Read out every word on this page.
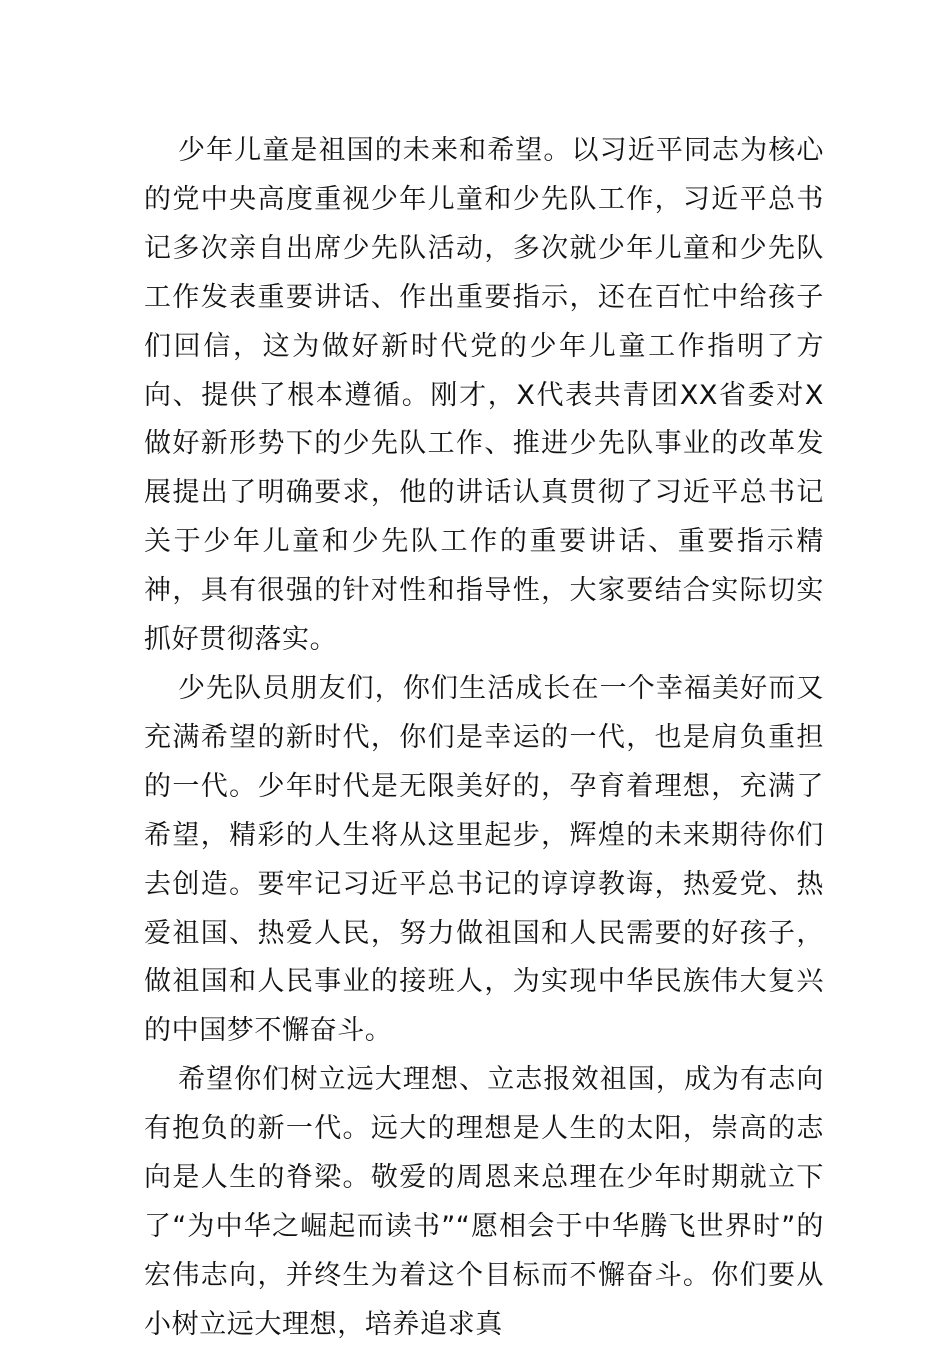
少年儿童是祖国的未来和希望。以习近平同志为核心的党中央高度重视少年儿童和少先队工作，习近平总书记多次亲自出席少先队活动，多次就少年儿童和少先队工作发表重要讲话、作出重要指示，还在百忙中给孩子们回信，这为做好新时代党的少年儿童工作指明了方向、提供了根本遵循。刚才，X代表共青团XX省委对X做好新形势下的少先队工作、推进少先队事业的改革发展提出了明确要求，他的讲话认真贯彻了习近平总书记关于少年儿童和少先队工作的重要讲话、重要指示精神，具有很强的针对性和指导性，大家要结合实际切实抓好贯彻落实。

少先队员朋友们，你们生活成长在一个幸福美好而又充满希望的新时代，你们是幸运的一代，也是肩负重担的一代。少年时代是无限美好的，孕育着理想，充满了希望，精彩的人生将从这里起步，辉煌的未来期待你们去创造。要牢记习近平总书记的谆谆教诲，热爱党、热爱祖国、热爱人民，努力做祖国和人民需要的好孩子，做祖国和人民事业的接班人，为实现中华民族伟大复兴的中国梦不懈奋斗。

希望你们树立远大理想、立志报效祖国，成为有志向有抱负的新一代。远大的理想是人生的太阳，崇高的志向是人生的脊梁。敬爱的周恩来总理在少年时期就立下了“为中华之崛起而读书”“愿相会于中华腾飞世界时”的宏伟志向，并终生为着这个目标而不懈奋斗。你们要从小树立远大理想，培养追求真
